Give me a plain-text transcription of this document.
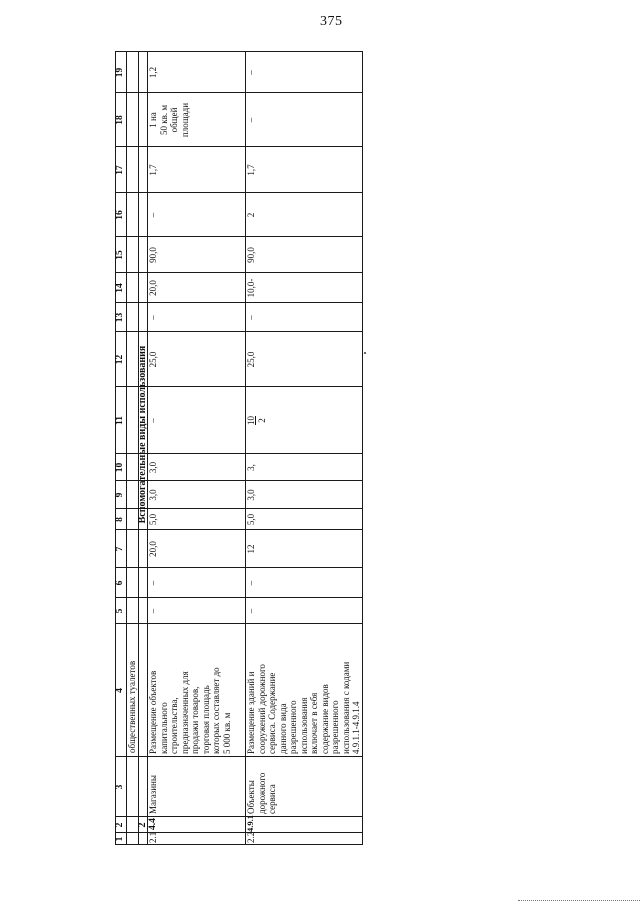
375
1
2
3
4
5
6
7
8
9
10
11
12
13
14
15
16
17
18
19
общественных туалетов
2
Вспомогательные виды использования
2.1
4.4
Магазины
Размещение объектов капитального строительства, предназначенных для продажи товаров, торговая площадь которых составляет до 5 000 кв. м
–
–
20,0
5,0
3,0
3,0
–
25,0
–
20,0
90,0
–
1,7
1 на 50 кв. м общей площади
1,2
2.2
4.9.1
Объекты дорожного сервиса
Размещение зданий и сооружений дорожного сервиса. Содержание данного вида разрешенного использования включает в себя содержание видов разрешенного использования с кодами 4.9.1.1-4.9.1.4
–
–
12
5,0
3,0
3,
10 2
25,0
–
10,0-
90,0
2
1,7
–
–
